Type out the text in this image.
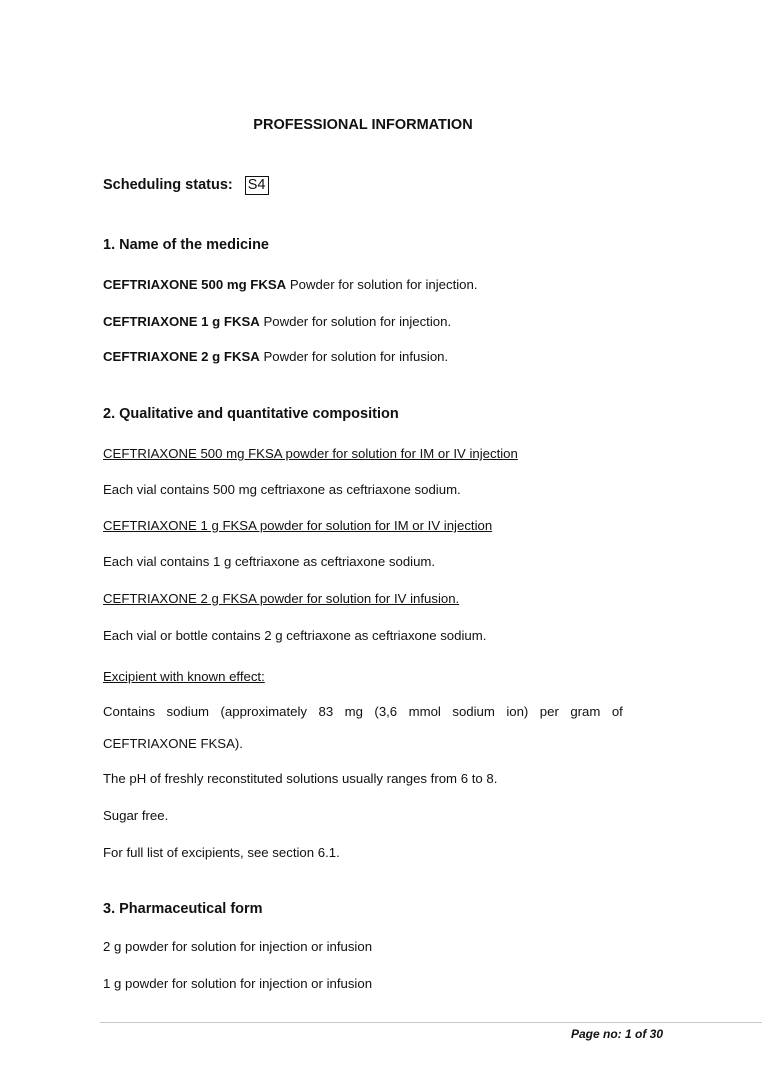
PROFESSIONAL INFORMATION
Scheduling status: S4
1. Name of the medicine
CEFTRIAXONE 500 mg FKSA Powder for solution for injection.
CEFTRIAXONE 1 g FKSA Powder for solution for injection.
CEFTRIAXONE 2 g FKSA Powder for solution for infusion.
2. Qualitative and quantitative composition
CEFTRIAXONE 500 mg FKSA powder for solution for IM or IV injection
Each vial contains 500 mg ceftriaxone as ceftriaxone sodium.
CEFTRIAXONE 1 g FKSA powder for solution for IM or IV injection
Each vial contains 1 g ceftriaxone as ceftriaxone sodium.
CEFTRIAXONE 2 g FKSA powder for solution for IV infusion.
Each vial or bottle contains 2 g ceftriaxone as ceftriaxone sodium.
Excipient with known effect:
Contains sodium (approximately 83 mg (3,6 mmol sodium ion) per gram of
CEFTRIAXONE FKSA).
The pH of freshly reconstituted solutions usually ranges from 6 to 8.
Sugar free.
For full list of excipients, see section 6.1.
3. Pharmaceutical form
2 g powder for solution for injection or infusion
1 g powder for solution for injection or infusion
Page no: 1 of 30
